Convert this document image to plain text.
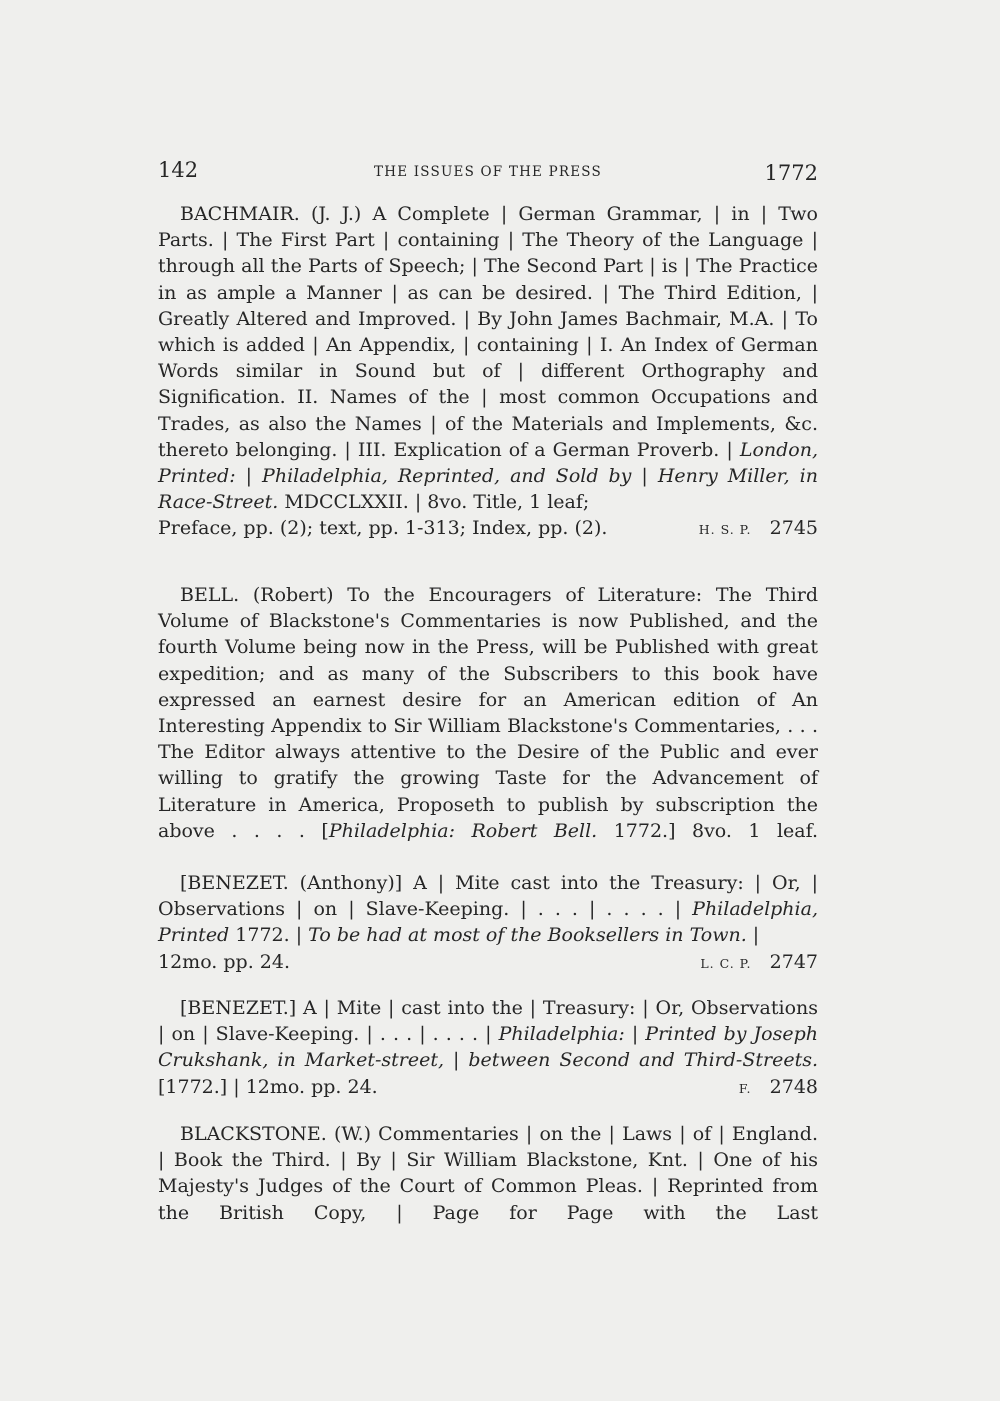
142	THE ISSUES OF THE PRESS	1772

BACHMAIR. (J. J.) A Complete | German Grammar, | in | Two Parts. | The First Part | containing | The Theory of the Language | through all the Parts of Speech; | The Second Part | is | The Practice in as ample a Manner | as can be desired. | The Third Edition, | Greatly Altered and Improved. | By John James Bachmair, M.A. | To which is added | An Appendix, | containing | I. An Index of German Words similar in Sound but of | different Orthography and Signification. II. Names of the | most common Occupations and Trades, as also the Names | of the Materials and Implements, &c. thereto belonging. | III. Explication of a German Proverb. | London, Printed: | Philadelphia, Reprinted, and Sold by | Henry Miller, in Race-Street. MDCCLXXII. | 8vo. Title, 1 leaf;

Preface, pp. (2); text, pp. 1-313; Index, pp. (2).	H. S. P. 2745

BELL. (Robert) To the Encouragers of Literature: The Third Volume of Blackstone's Commentaries is now Published, and the fourth Volume being now in the Press, will be Published with great expedition; and as many of the Subscribers to this book have expressed an earnest desire for an American edition of An Interesting Appendix to Sir William Blackstone's Commentaries, . . . The Editor always attentive to the Desire of the Public and ever willing to gratify the growing Taste for the Advancement of Literature in America, Proposeth to publish by subscription the above . . . . [Philadelphia: Robert Bell. 1772.] 8vo. 1 leaf.

[BENEZET. (Anthony)] A | Mite cast into the Treasury: | Or, | Observations | on | Slave-Keeping. | . . . | . . . . | Philadelphia, Printed 1772. | To be had at most of the Booksellers in Town. |

12mo. pp. 24.	L. C. P. 2747

[BENEZET.] A | Mite | cast into the | Treasury: | Or, Observations | on | Slave-Keeping. | . . . | . . . . | Philadelphia: | Printed by Joseph Crukshank, in Market-street, | between Second and Third-Streets. [1772.] | 12mo. pp. 24.	F. 2748

BLACKSTONE. (W.) Commentaries | on the | Laws | of | England. | Book the Third. | By | Sir William Blackstone, Knt. | One of his Majesty's Judges of the Court of Common Pleas. | Reprinted from the British Copy, | Page for Page with the Last
